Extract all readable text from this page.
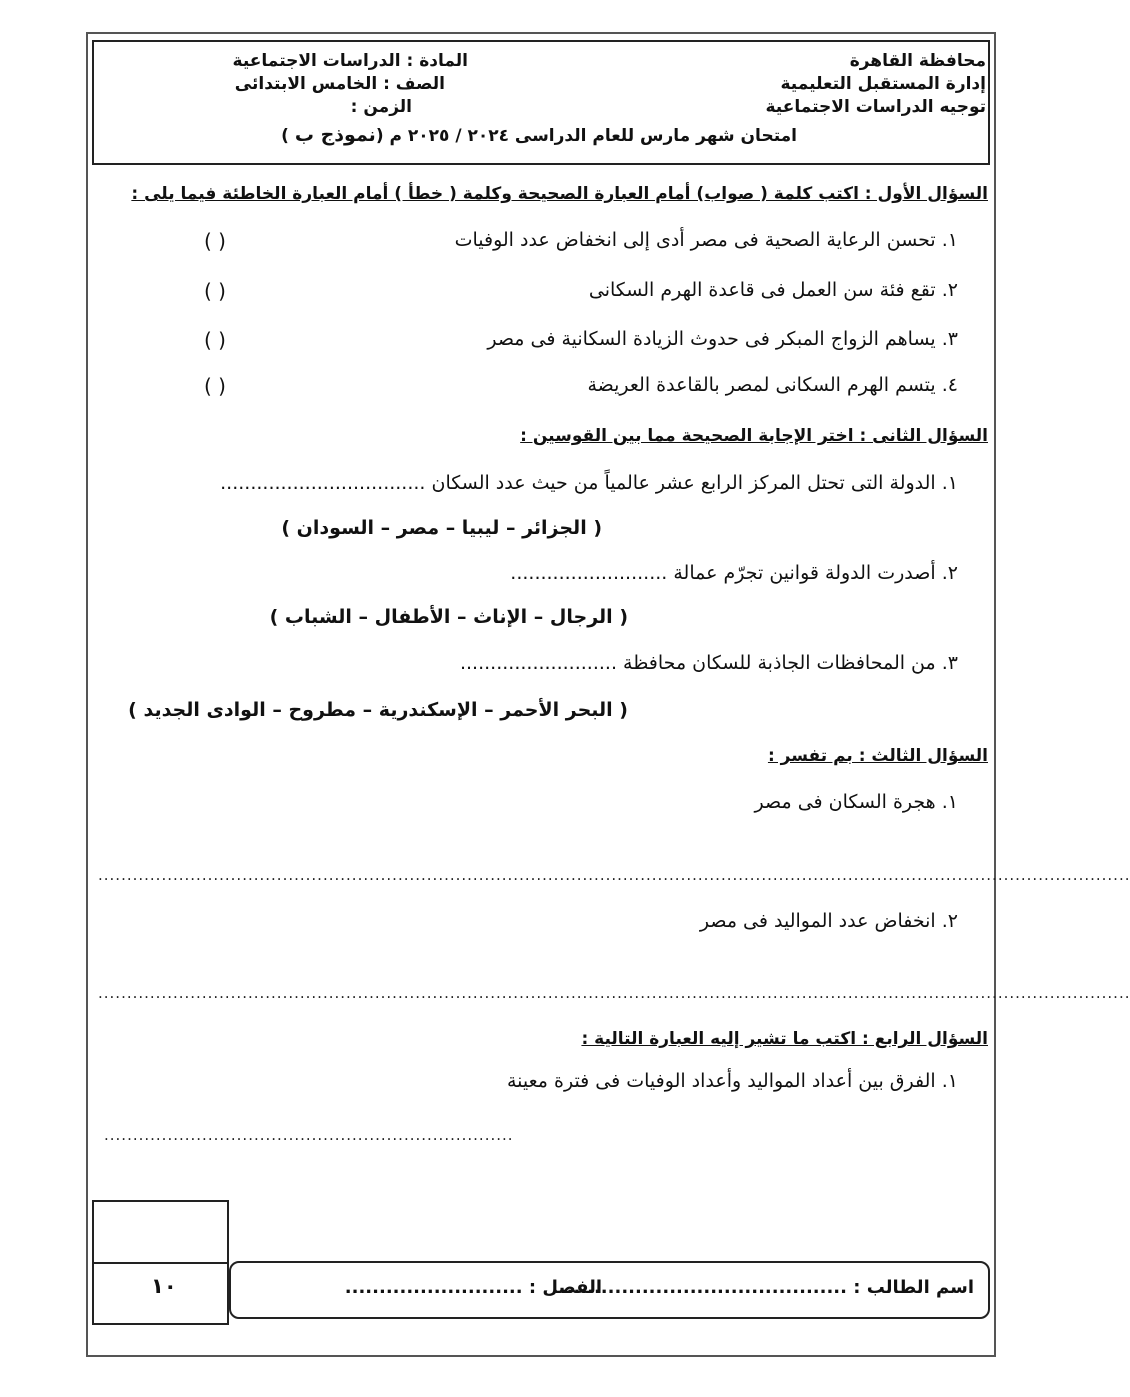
محافظة القاهرة
إدارة المستقبل التعليمية
توجيه الدراسات الاجتماعية
المادة : الدراسات الاجتماعية
الصف : الخامس الابتدائى
الزمن :
امتحان شهر مارس للعام الدراسى ٢٠٢٤ / ٢٠٢٥ م (نموذج ب )
السؤال الأول : اكتب كلمة ( صواب) أمام العبارة الصحيحة وكلمة ( خطأ ) أمام العبارة الخاطئة فيما يلى :
١. تحسن الرعاية الصحية فى مصر أدى إلى انخفاض عدد الوفيات
( )
٢. تقع فئة سن العمل فى قاعدة الهرم السكانى
( )
٣. يساهم الزواج المبكر فى حدوث الزيادة السكانية فى مصر
( )
٤. يتسم الهرم السكانى لمصر بالقاعدة العريضة
( )
السؤال الثانى : اختر الإجابة الصحيحة مما بين القوسين :
١. الدولة التى تحتل المركز الرابع عشر عالمياً من حيث عدد السكان ..................................
( الجزائر – ليبيا – مصر – السودان )
٢. أصدرت الدولة قوانين تجرّم عمالة ..........................
( الرجال – الإناث – الأطفال – الشباب )
٣. من المحافظات الجاذبة للسكان محافظة ..........................
( البحر الأحمر – الإسكندرية – مطروح – الوادى الجديد )
السؤال الثالث : بم تفسر :
١. هجرة السكان فى مصر
...................................................................................................................................................................................
٢. انخفاض عدد المواليد فى مصر
...................................................................................................................................................................................
السؤال الرابع : اكتب ما تشير إليه العبارة التالية :
١. الفرق بين أعداد المواليد وأعداد الوفيات فى فترة معينة
.......................................................................
١٠	اسم الطالب : ..........................................
الفصل : ..........................
